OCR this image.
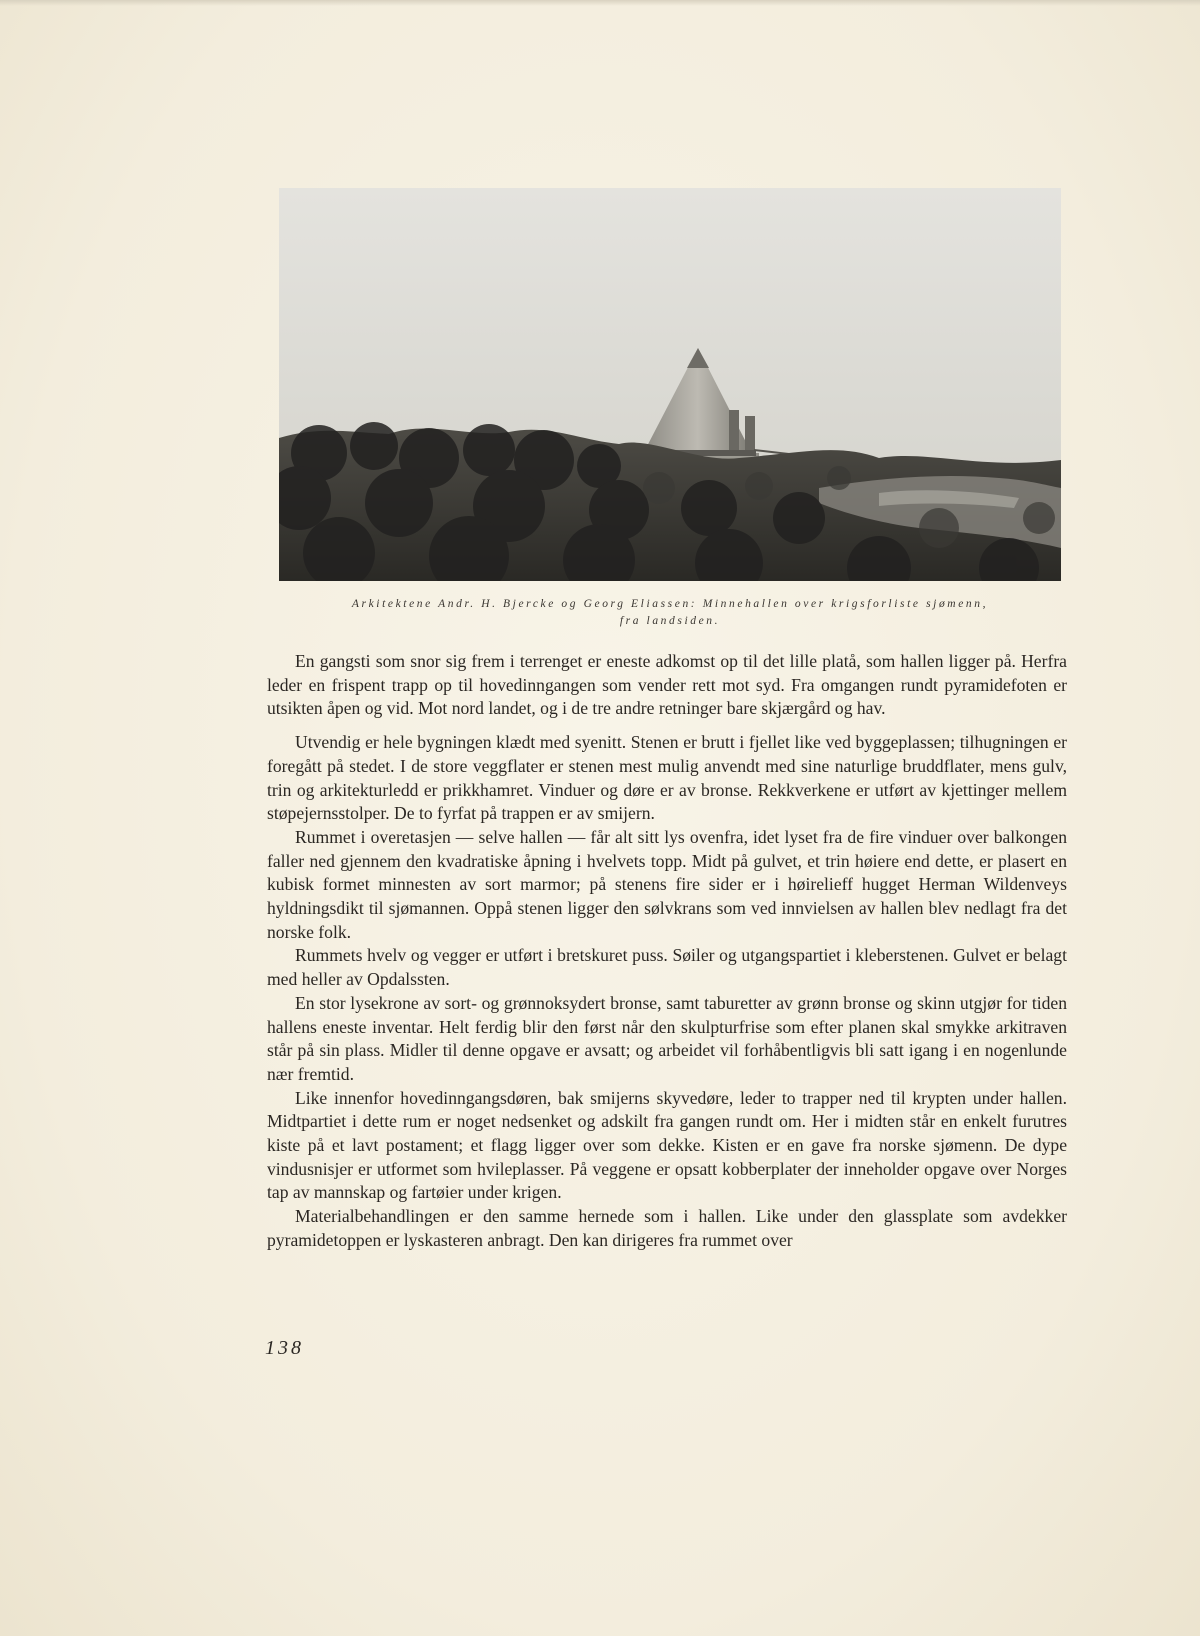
Arkitektene Andr. H. Bjercke og Georg Eliassen: Minnehallen over krigsforliste sjømenn,
fra landsiden.

En gangsti som snor sig frem i terrenget er eneste adkomst op til det lille platå, som hallen ligger på. Herfra leder en frispent trapp op til hovedinngangen som vender rett mot syd. Fra omgangen rundt pyramidefoten er utsikten åpen og vid. Mot nord landet, og i de tre andre retninger bare skjærgård og hav.

Utvendig er hele bygningen klædt med syenitt. Stenen er brutt i fjellet like ved byggeplassen; tilhugningen er foregått på stedet. I de store veggflater er stenen mest mulig anvendt med sine naturlige bruddflater, mens gulv, trin og arkitekturledd er prikkhamret. Vinduer og døre er av bronse. Rekkverkene er utført av kjettinger mellem støpejernsstolper. De to fyrfat på trappen er av smijern.

Rummet i overetasjen — selve hallen — får alt sitt lys ovenfra, idet lyset fra de fire vinduer over balkongen faller ned gjennem den kvadratiske åpning i hvelvets topp. Midt på gulvet, et trin høiere end dette, er plasert en kubisk formet minnesten av sort marmor; på stenens fire sider er i høirelieff hugget Herman Wildenveys hyldningsdikt til sjømannen. Oppå stenen ligger den sølvkrans som ved innvielsen av hallen blev nedlagt fra det norske folk.

Rummets hvelv og vegger er utført i bretskuret puss. Søiler og utgangspartiet i kleberstenen. Gulvet er belagt med heller av Opdalssten.

En stor lysekrone av sort- og grønnoksydert bronse, samt taburetter av grønn bronse og skinn utgjør for tiden hallens eneste inventar. Helt ferdig blir den først når den skulpturfrise som efter planen skal smykke arkitraven står på sin plass. Midler til denne opgave er avsatt; og arbeidet vil forhåbentligvis bli satt igang i en nogenlunde nær fremtid.

Like innenfor hovedinngangsdøren, bak smijerns skyvedøre, leder to trapper ned til krypten under hallen. Midtpartiet i dette rum er noget nedsenket og adskilt fra gangen rundt om. Her i midten står en enkelt furutres kiste på et lavt postament; et flagg ligger over som dekke. Kisten er en gave fra norske sjømenn. De dype vindusnisjer er utformet som hvileplasser. På veggene er opsatt kobberplater der inneholder opgave over Norges tap av mannskap og fartøier under krigen.

Materialbehandlingen er den samme hernede som i hallen. Like under den glassplate som avdekker pyramidetoppen er lyskasteren anbragt. Den kan dirigeres fra rummet over

138
